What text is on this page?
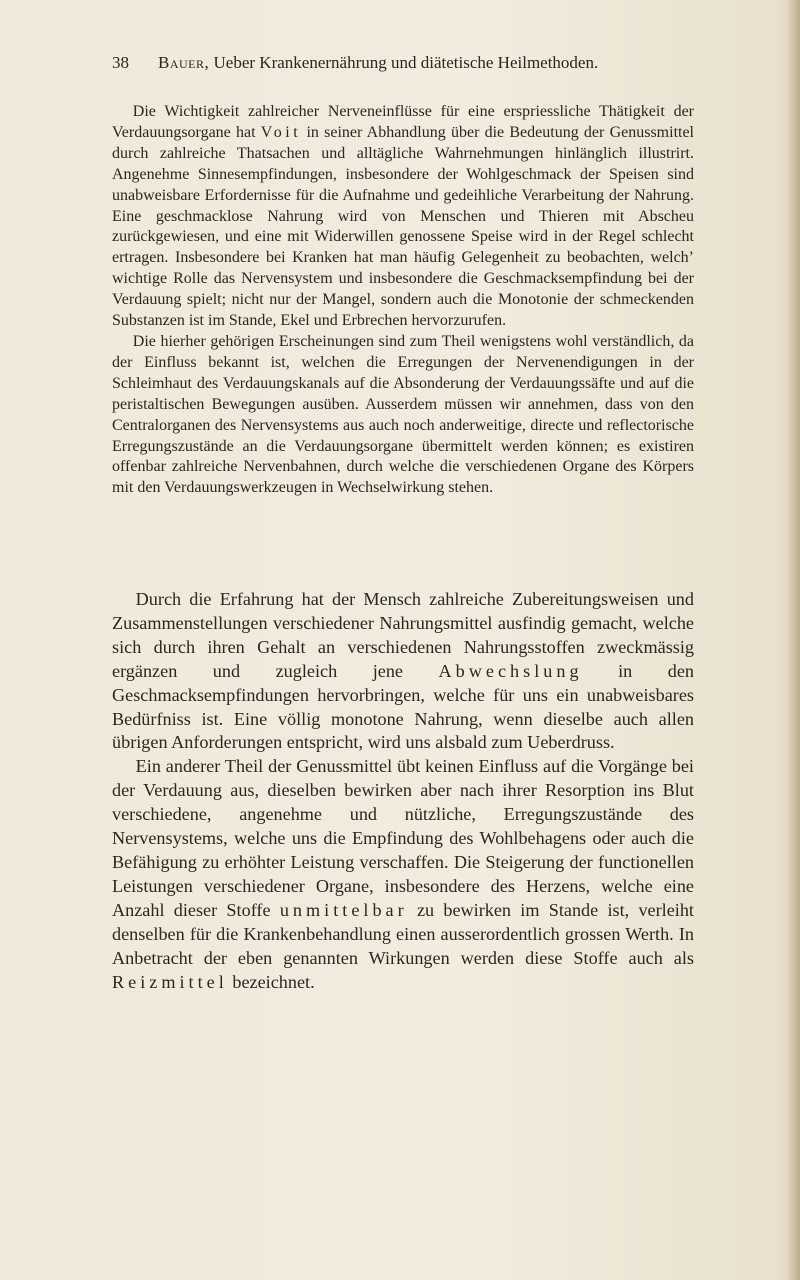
38 Bauer, Ueber Krankenernährung und diätetische Heilmethoden.

Die Wichtigkeit zahlreicher Nerveneinflüsse für eine erspriessliche Thätigkeit der Verdauungsorgane hat Voit in seiner Abhandlung über die Bedeutung der Genussmittel durch zahlreiche Thatsachen und alltägliche Wahrnehmungen hinlänglich illustrirt. Angenehme Sinnesempfindungen, insbesondere der Wohlgeschmack der Speisen sind unabweisbare Erfordernisse für die Aufnahme und gedeihliche Verarbeitung der Nahrung. Eine geschmacklose Nahrung wird von Menschen und Thieren mit Abscheu zurückgewiesen, und eine mit Widerwillen genossene Speise wird in der Regel schlecht ertragen. Insbesondere bei Kranken hat man häufig Gelegenheit zu beobachten, welch’ wichtige Rolle das Nervensystem und insbesondere die Geschmacksempfindung bei der Verdauung spielt; nicht nur der Mangel, sondern auch die Monotonie der schmeckenden Substanzen ist im Stande, Ekel und Erbrechen hervorzurufen.

Die hierher gehörigen Erscheinungen sind zum Theil wenigstens wohl verständlich, da der Einfluss bekannt ist, welchen die Erregungen der Nervenendigungen in der Schleimhaut des Verdauungskanals auf die Absonderung der Verdauungssäfte und auf die peristaltischen Bewegungen ausüben. Ausserdem müssen wir annehmen, dass von den Centralorganen des Nervensystems aus auch noch anderweitige, directe und reflectorische Erregungszustände an die Verdauungsorgane übermittelt werden können; es existiren offenbar zahlreiche Nervenbahnen, durch welche die verschiedenen Organe des Körpers mit den Verdauungswerkzeugen in Wechselwirkung stehen.

Durch die Erfahrung hat der Mensch zahlreiche Zubereitungsweisen und Zusammenstellungen verschiedener Nahrungsmittel ausfindig gemacht, welche sich durch ihren Gehalt an verschiedenen Nahrungsstoffen zweckmässig ergänzen und zugleich jene Abwechslung in den Geschmacksempfindungen hervorbringen, welche für uns ein unabweisbares Bedürfniss ist. Eine völlig monotone Nahrung, wenn dieselbe auch allen übrigen Anforderungen entspricht, wird uns alsbald zum Ueberdruss.

Ein anderer Theil der Genussmittel übt keinen Einfluss auf die Vorgänge bei der Verdauung aus, dieselben bewirken aber nach ihrer Resorption ins Blut verschiedene, angenehme und nützliche, Erregungszustände des Nervensystems, welche uns die Empfindung des Wohlbehagens oder auch die Befähigung zu erhöhter Leistung verschaffen. Die Steigerung der functionellen Leistungen verschiedener Organe, insbesondere des Herzens, welche eine Anzahl dieser Stoffe unmittelbar zu bewirken im Stande ist, verleiht denselben für die Krankenbehandlung einen ausserordentlich grossen Werth. In Anbetracht der eben genannten Wirkungen werden diese Stoffe auch als Reizmittel bezeichnet.
